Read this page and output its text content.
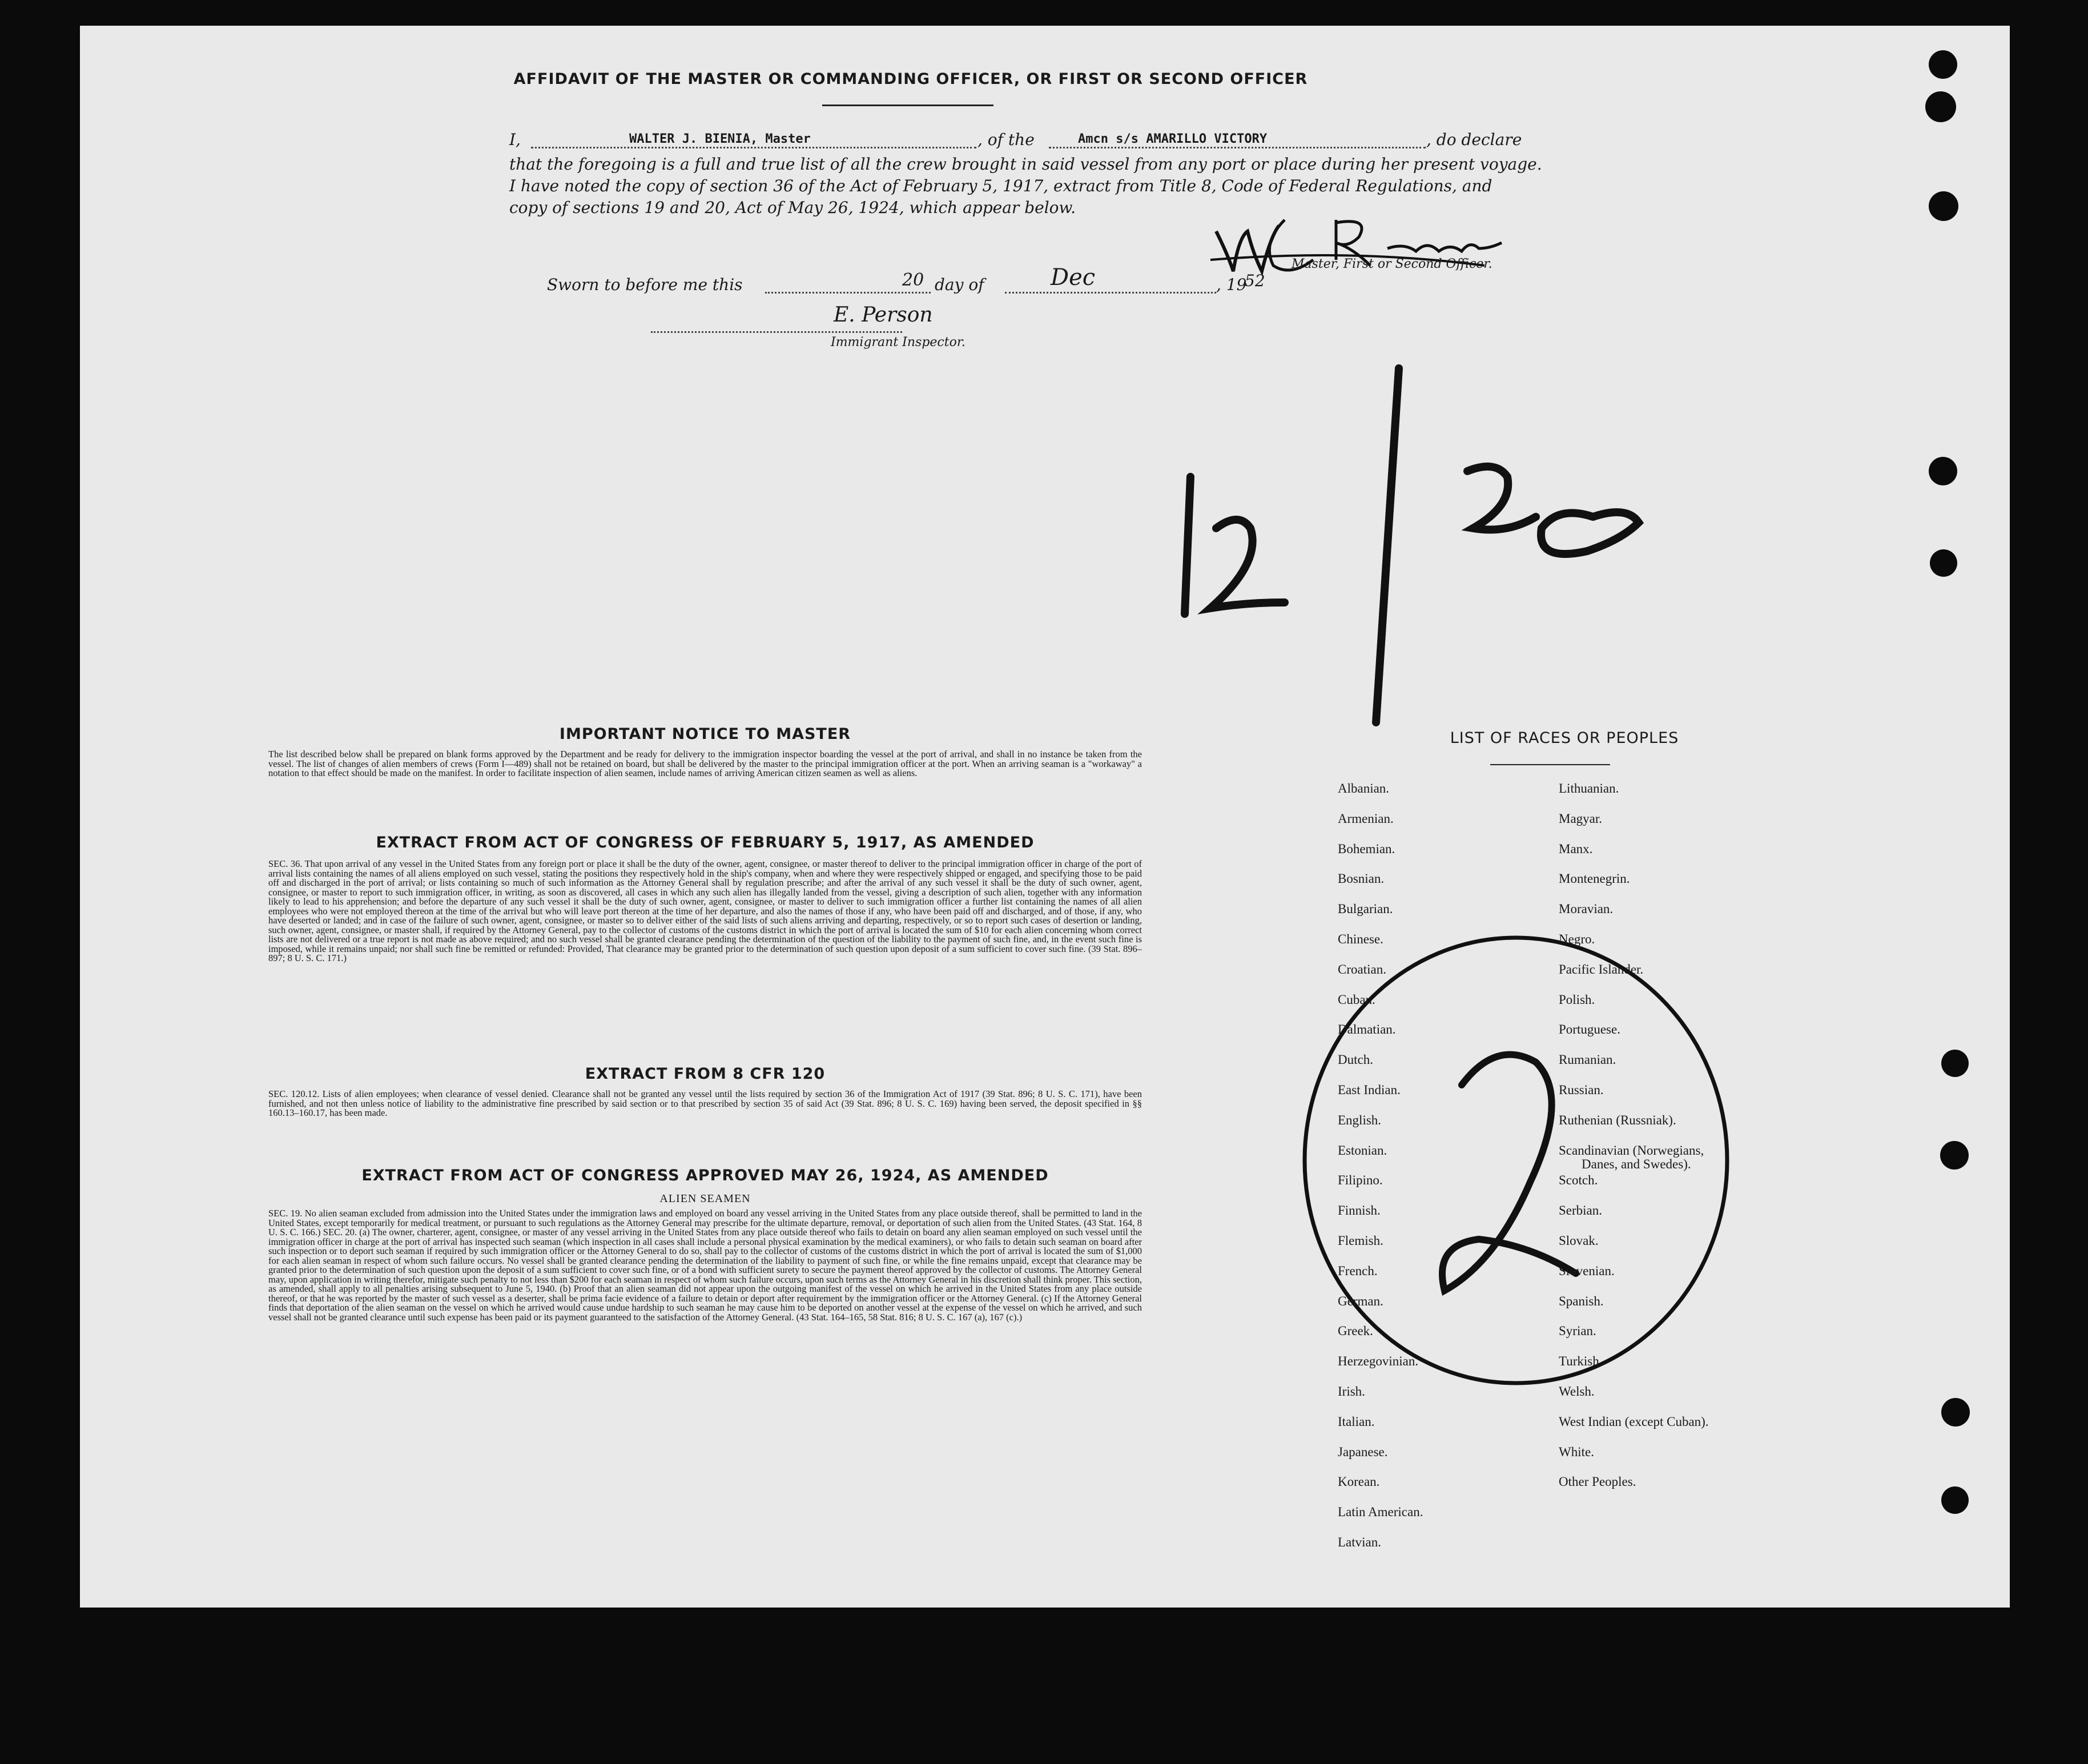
AFFIDAVIT OF THE MASTER OR COMMANDING OFFICER, OR FIRST OR SECOND OFFICER
I,	WALTER J. BIENIA, Master	, of the	Amcn s/s AMARILLO VICTORY	, do declare
that the foregoing is a full and true list of all the crew brought in said vessel from any port or place during her present voyage.
I have noted the copy of section 36 of the Act of February 5, 1917, extract from Title 8, Code of Federal Regulations, and
copy of sections 19 and 20, Act of May 26, 1924, which appear below.
Master, First or Second Officer.
Sworn to before me this	20 day of	Dec	, 19
52
E. Person
Immigrant Inspector.
IMPORTANT NOTICE TO MASTER
The list described below shall be prepared on blank forms approved by the Department and be ready for delivery to the immigration inspector boarding the vessel at the port of arrival, and shall in no instance be taken from the vessel. The list of changes of alien members of crews (Form I—489) shall not be retained on board, but shall be delivered by the master to the principal immigration officer at the port. When an arriving seaman is a "workaway" a notation to that effect should be made on the manifest. In order to facilitate inspection of alien seamen, include names of arriving American citizen seamen as well as aliens.
EXTRACT FROM ACT OF CONGRESS OF FEBRUARY 5, 1917, AS AMENDED
SEC. 36. That upon arrival of any vessel in the United States from any foreign port or place it shall be the duty of the owner, agent, consignee, or master thereof to deliver to the principal immigration officer in charge of the port of arrival lists containing the names of all aliens employed on such vessel, stating the positions they respectively hold in the ship's company, when and where they were respectively shipped or engaged, and specifying those to be paid off and discharged in the port of arrival; or lists containing so much of such information as the Attorney General shall by regulation prescribe; and after the arrival of any such vessel it shall be the duty of such owner, agent, consignee, or master to report to such immigration officer, in writing, as soon as discovered, all cases in which any such alien has illegally landed from the vessel, giving a description of such alien, together with any information likely to lead to his apprehension; and before the departure of any such vessel it shall be the duty of such owner, agent, consignee, or master to deliver to such immigration officer a further list containing the names of all alien employees who were not employed thereon at the time of the arrival but who will leave port thereon at the time of her departure, and also the names of those if any, who have been paid off and discharged, and of those, if any, who have deserted or landed; and in case of the failure of such owner, agent, consignee, or master so to deliver either of the said lists of such aliens arriving and departing, respectively, or so to report such cases of desertion or landing, such owner, agent, consignee, or master shall, if required by the Attorney General, pay to the collector of customs of the customs district in which the port of arrival is located the sum of $10 for each alien concerning whom correct lists are not delivered or a true report is not made as above required; and no such vessel shall be granted clearance pending the determination of the question of the liability to the payment of such fine, and, in the event such fine is imposed, while it remains unpaid; nor shall such fine be remitted or refunded: Provided, That clearance may be granted prior to the determination of such question upon deposit of a sum sufficient to cover such fine. (39 Stat. 896–897; 8 U. S. C. 171.)
EXTRACT FROM 8 CFR 120
SEC. 120.12. Lists of alien employees; when clearance of vessel denied. Clearance shall not be granted any vessel until the lists required by section 36 of the Immigration Act of 1917 (39 Stat. 896; 8 U. S. C. 171), have been furnished, and not then unless notice of liability to the administrative fine prescribed by said section or to that prescribed by section 35 of said Act (39 Stat. 896; 8 U. S. C. 169) having been served, the deposit specified in §§ 160.13–160.17, has been made.
EXTRACT FROM ACT OF CONGRESS APPROVED MAY 26, 1924, AS AMENDED
ALIEN SEAMEN
SEC. 19. No alien seaman excluded from admission into the United States under the immigration laws and employed on board any vessel arriving in the United States from any place outside thereof, shall be permitted to land in the United States, except temporarily for medical treatment, or pursuant to such regulations as the Attorney General may prescribe for the ultimate departure, removal, or deportation of such alien from the United States. (43 Stat. 164, 8 U. S. C. 166.) SEC. 20. (a) The owner, charterer, agent, consignee, or master of any vessel arriving in the United States from any place outside thereof who fails to detain on board any alien seaman employed on such vessel until the immigration officer in charge at the port of arrival has inspected such seaman (which inspection in all cases shall include a personal physical examination by the medical examiners), or who fails to detain such seaman on board after such inspection or to deport such seaman if required by such immigration officer or the Attorney General to do so, shall pay to the collector of customs of the customs district in which the port of arrival is located the sum of $1,000 for each alien seaman in respect of whom such failure occurs. No vessel shall be granted clearance pending the determination of the liability to payment of such fine, or while the fine remains unpaid, except that clearance may be granted prior to the determination of such question upon the deposit of a sum sufficient to cover such fine, or of a bond with sufficient surety to secure the payment thereof approved by the collector of customs. The Attorney General may, upon application in writing therefor, mitigate such penalty to not less than $200 for each seaman in respect of whom such failure occurs, upon such terms as the Attorney General in his discretion shall think proper. This section, as amended, shall apply to all penalties arising subsequent to June 5, 1940. (b) Proof that an alien seaman did not appear upon the outgoing manifest of the vessel on which he arrived in the United States from any place outside thereof, or that he was reported by the master of such vessel as a deserter, shall be prima facie evidence of a failure to detain or deport after requirement by the immigration officer or the Attorney General. (c) If the Attorney General finds that deportation of the alien seaman on the vessel on which he arrived would cause undue hardship to such seaman he may cause him to be deported on another vessel at the expense of the vessel on which he arrived, and such vessel shall not be granted clearance until such expense has been paid or its payment guaranteed to the satisfaction of the Attorney General. (43 Stat. 164–165, 58 Stat. 816; 8 U. S. C. 167 (a), 167 (c).)
LIST OF RACES OR PEOPLES
Albanian.
Armenian.
Bohemian.
Bosnian.
Bulgarian.
Chinese.
Croatian.
Cuban.
Dalmatian.
Dutch.
East Indian.
English.
Estonian.
Filipino.
Finnish.
Flemish.
French.
German.
Greek.
Herzegovinian.
Irish.
Italian.
Japanese.
Korean.
Latin American.
Latvian.
Lithuanian.
Magyar.
Manx.
Montenegrin.
Moravian.
Negro.
Pacific Islander.
Polish.
Portuguese.
Rumanian.
Russian.
Ruthenian (Russniak).
Scandinavian (Norwegians,
Danes, and Swedes).
Scotch.
Serbian.
Slovak.
Slovenian.
Spanish.
Syrian.
Turkish.
Welsh.
West Indian (except Cuban).
White.
Other Peoples.
